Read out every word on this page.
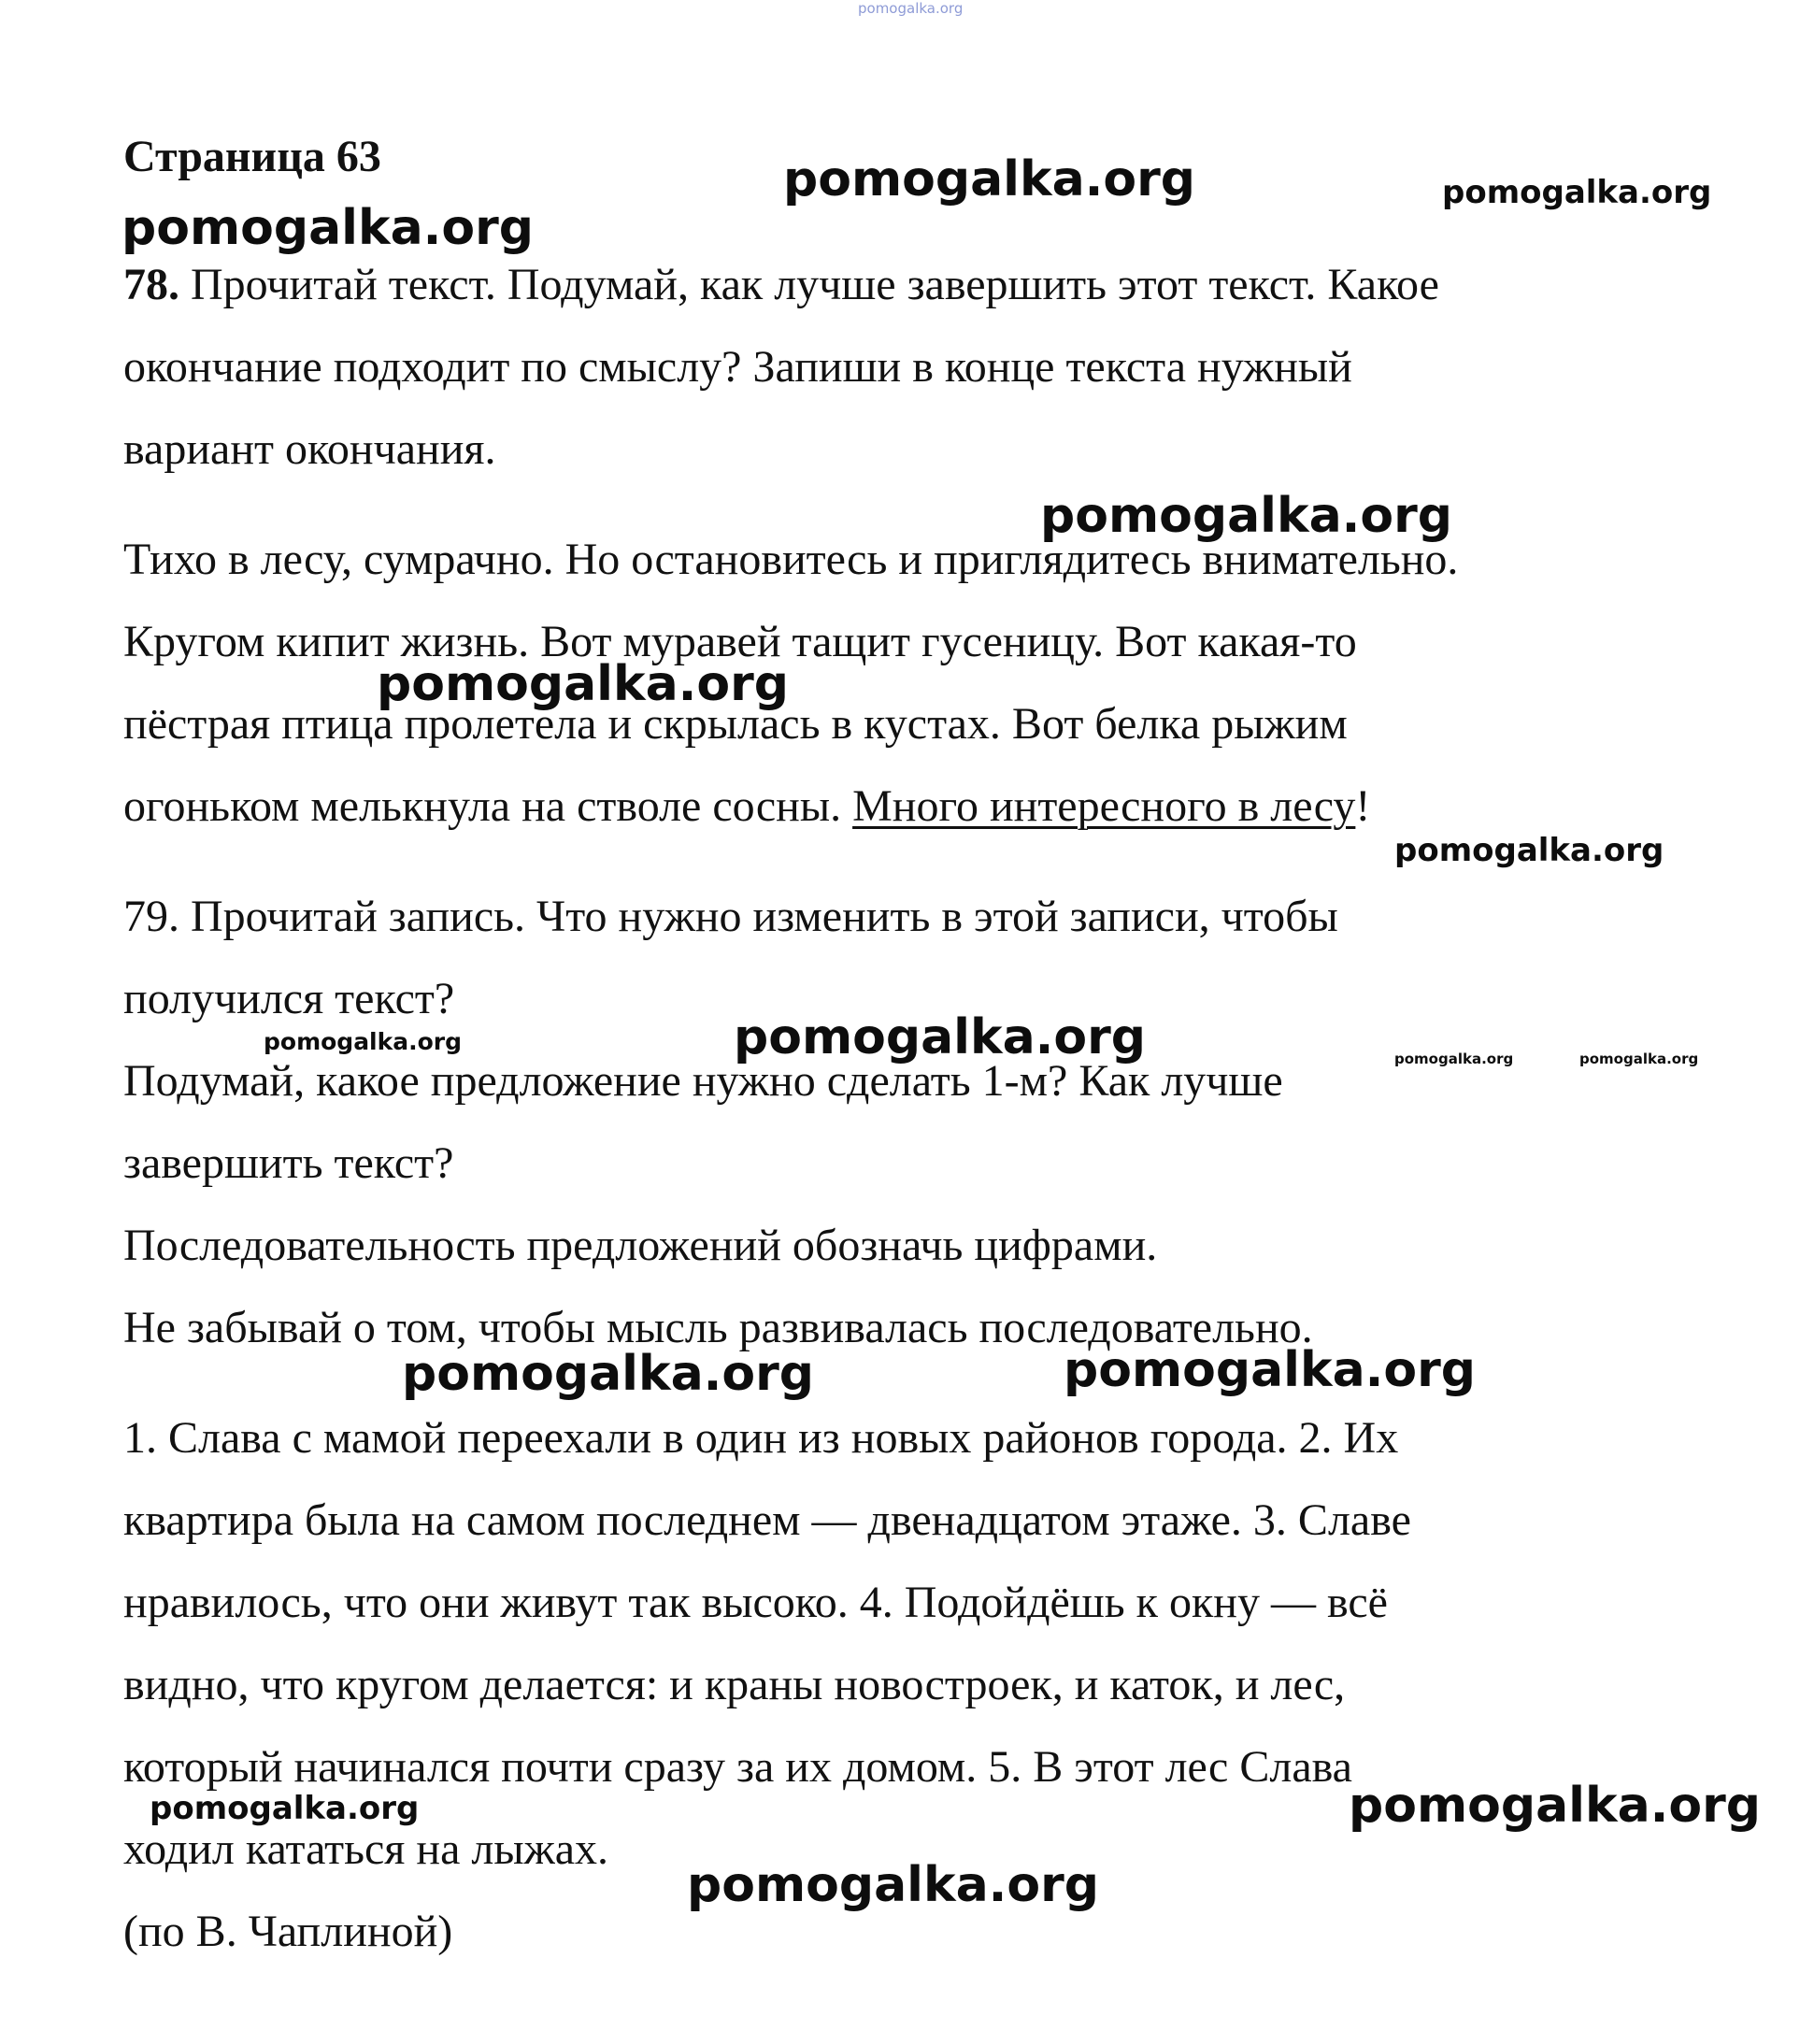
Страница 63

78. Прочитай текст. Подумай, как лучше завершить этот текст. Какое

окончание подходит по смыслу? Запиши в конце текста нужный

вариант окончания.

Тихо в лесу, сумрачно. Но остановитесь и приглядитесь внимательно.

Кругом кипит жизнь. Вот муравей тащит гусеницу. Вот какая-то

пёстрая птица пролетела и скрылась в кустах. Вот белка рыжим

огоньком мелькнула на стволе сосны. Много интересного в лесу!

79. Прочитай запись. Что нужно изменить в этой записи, чтобы

получился текст?

Подумай, какое предложение нужно сделать 1-м? Как лучше

завершить текст?

Последовательность предложений обозначь цифрами.

Не забывай о том, чтобы мысль развивалась последовательно.

1. Слава с мамой переехали в один из новых районов города. 2. Их

квартира была на самом последнем — двенадцатом этаже. 3. Славе

нравилось, что они живут так высоко. 4. Подойдёшь к окну — всё

видно, что кругом делается: и краны новостроек, и каток, и лес,

который начинался почти сразу за их домом. 5. В этот лес Слава

ходил кататься на лыжах.

(по В. Чаплиной)

pomogalka.org

pomogalka.org	pomogalka.org

pomogalka.org

pomogalka.org

pomogalka.org

pomogalka.org

pomogalka.org	pomogalka.org	pomogalka.org	pomogalka.org

pomogalka.org	pomogalka.org

pomogalka.org	pomogalka.org

pomogalka.org
